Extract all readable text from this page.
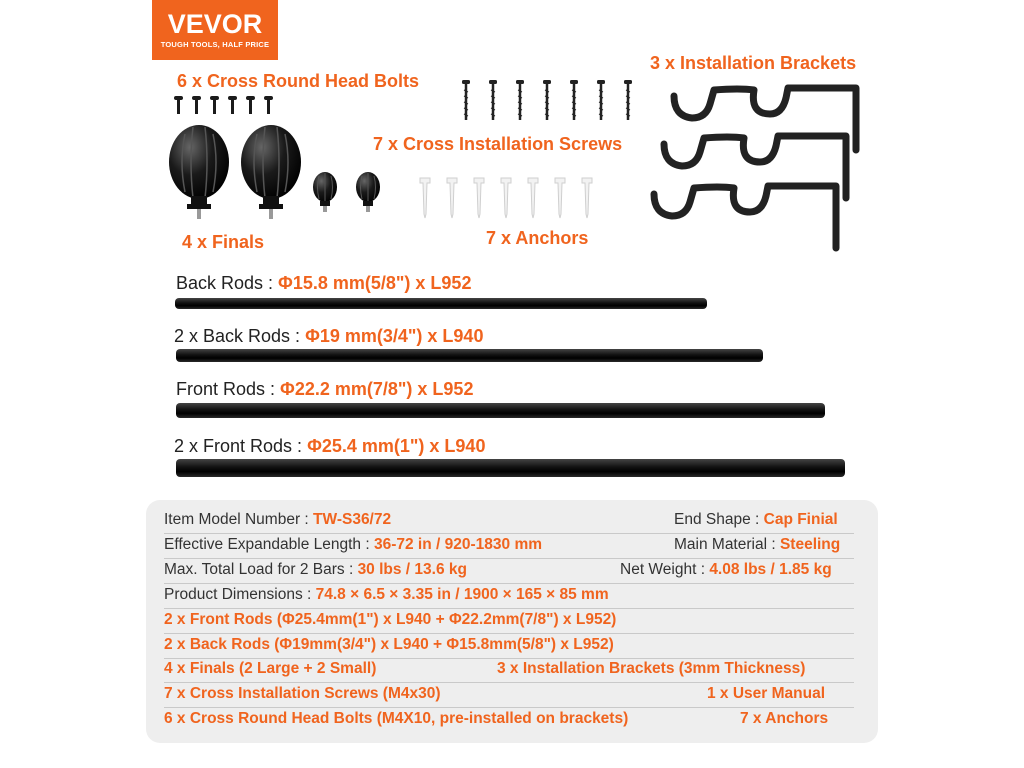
VEVOR
TOUGH TOOLS, HALF PRICE
6 x Cross Round Head Bolts
4 x Finals
7 x Cross Installation Screws
7 x Anchors
3 x Installation Brackets
Back Rods : Φ15.8 mm(5/8") x L952
2 x Back Rods : Φ19 mm(3/4") x L940
Front Rods : Φ22.2 mm(7/8") x L952
2 x Front Rods : Φ25.4 mm(1") x L940
Item Model Number : TW-S36/72	End Shape : Cap Finial
Effective Expandable Length : 36-72 in / 920-1830 mm	Main Material : Steeling
Max. Total Load for 2 Bars : 30 lbs / 13.6 kg	Net Weight : 4.08 lbs / 1.85 kg
Product Dimensions : 74.8 × 6.5 × 3.35 in / 1900 × 165 × 85 mm
2 x Front Rods (Φ25.4mm(1") x L940 + Φ22.2mm(7/8") x L952)
2 x Back Rods (Φ19mm(3/4") x L940 + Φ15.8mm(5/8") x L952)
4 x Finals (2 Large + 2 Small)	3 x Installation Brackets (3mm Thickness)
7 x Cross Installation Screws (M4x30)	1 x User Manual
6 x Cross Round Head Bolts (M4X10, pre-installed on brackets)	7 x Anchors
